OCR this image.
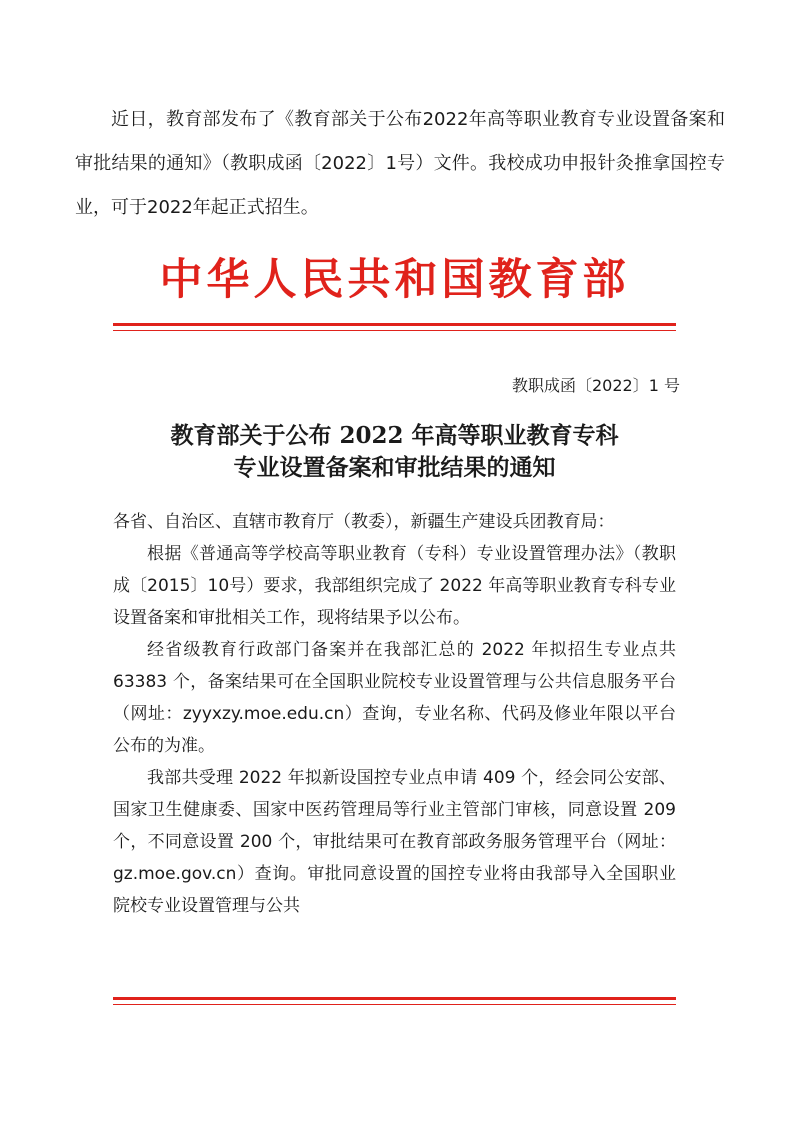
近日，教育部发布了《教育部关于公布2022年高等职业教育专业设置备案和审批结果的通知》（教职成函〔2022〕1号）文件。我校成功申报针灸推拿国控专业，可于2022年起正式招生。

中华人民共和国教育部

教职成函〔2022〕1 号

教育部关于公布 2022 年高等职业教育专科
专业设置备案和审批结果的通知

各省、自治区、直辖市教育厅（教委），新疆生产建设兵团教育局：

根据《普通高等学校高等职业教育（专科）专业设置管理办法》（教职成〔2015〕10号）要求，我部组织完成了 2022 年高等职业教育专科专业设置备案和审批相关工作，现将结果予以公布。

经省级教育行政部门备案并在我部汇总的 2022 年拟招生专业点共 63383 个，备案结果可在全国职业院校专业设置管理与公共信息服务平台（网址：zyyxzy.moe.edu.cn）查询，专业名称、代码及修业年限以平台公布的为准。

我部共受理 2022 年拟新设国控专业点申请 409 个，经会同公安部、国家卫生健康委、国家中医药管理局等行业主管部门审核，同意设置 209 个，不同意设置 200 个，审批结果可在教育部政务服务管理平台（网址：gz.moe.gov.cn）查询。审批同意设置的国控专业将由我部导入全国职业院校专业设置管理与公共
